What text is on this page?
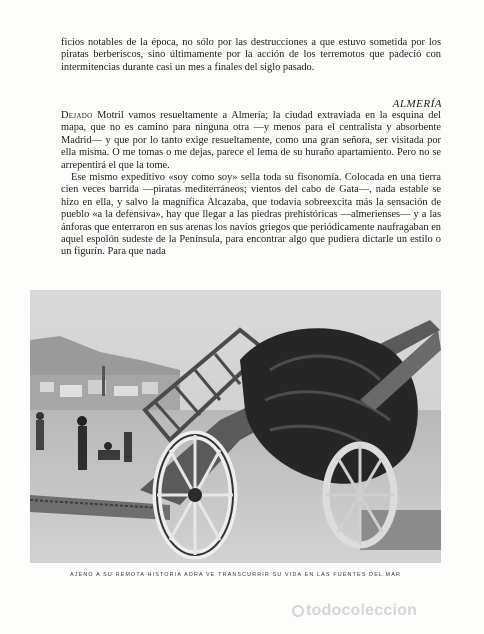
ficios notables de la época, no sólo por las destrucciones a que estuvo sometida por los piratas berberiscos, sino últimamente por la acción de los terremotos que padeció con intermitencias durante casi un mes a finales del siglo pasado.

ALMERÍA

Dejado Motril vamos resueltamente a Almería; la ciudad extraviada en la esquina del mapa, que no es camino para ninguna otra —y menos para el centralista y absorbente Madrid— y que por lo tanto exige resueltamente, como una gran señora, ser visitada por ella misma. O me tomas o me dejas, parece el lema de su huraño apartamiento. Pero no se arrepentirá el que la tome.

Ese mismo expeditivo «soy como soy» sella toda su fisonomía. Colocada en una tierra cien veces barrida —piratas mediterráneos; vientos del cabo de Gata—, nada estable se hizo en ella, y salvo la magnífica Alcazaba, que todavía sobreexcita más la sensación de pueblo «a la defensiva», hay que llegar a las piedras prehistóricas —almerienses— y a las ánforas que enterraron en sus arenas los navíos griegos que periódicamente naufragaban en aquel espolón sudeste de la Península, para encontrar algo que pudiera dictarle un estilo o un figurín. Para que nada

AJENO A SU REMOTA HISTORIA ADRA VE TRANSCURRIR SU VIDA EN LAS FUENTES DEL MAR
todocoleccion
